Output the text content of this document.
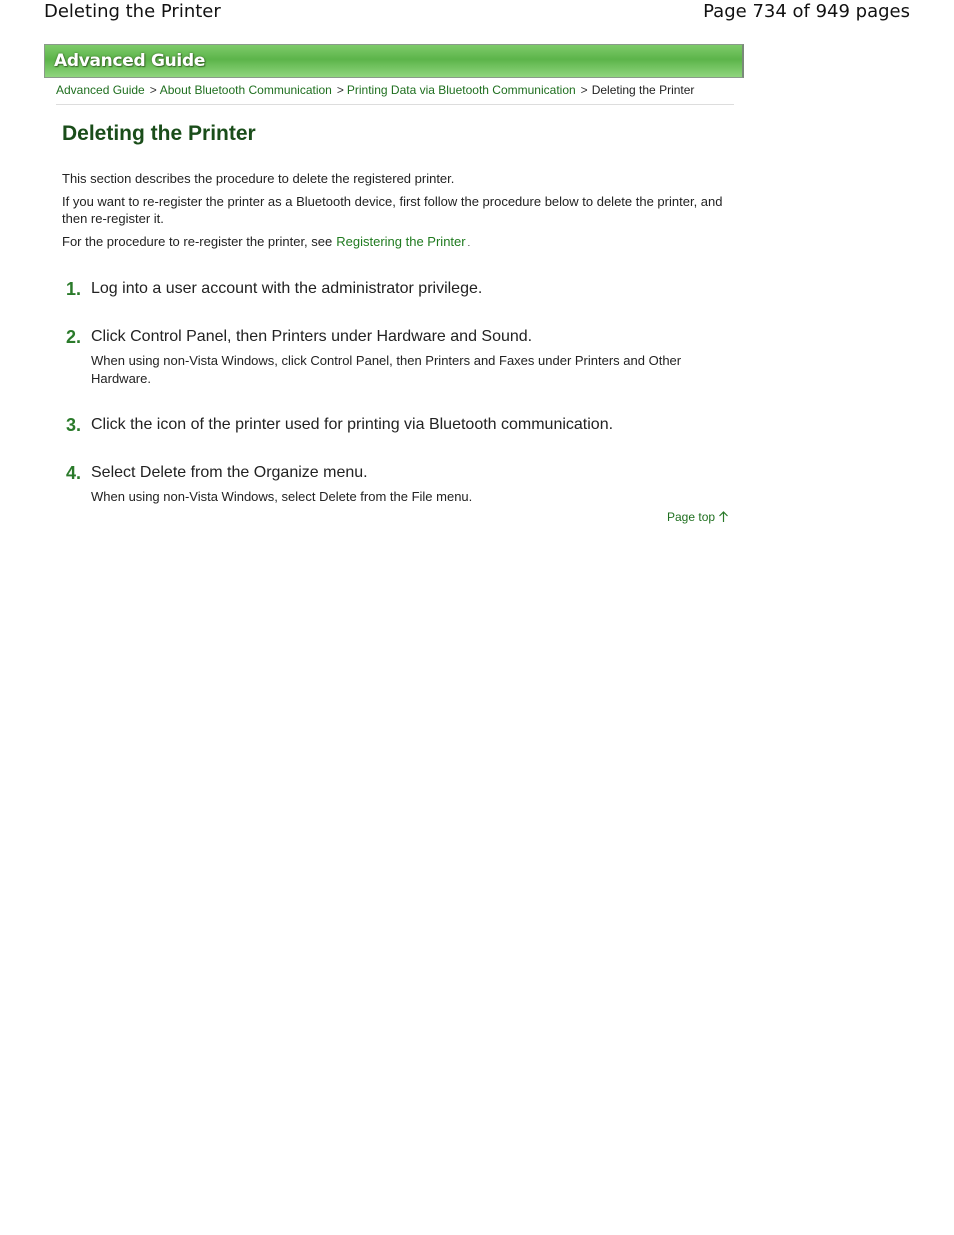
Deleting the Printer	Page 734 of 949 pages
Advanced Guide
Advanced Guide > About Bluetooth Communication > Printing Data via Bluetooth Communication > Deleting the Printer
Deleting the Printer

This section describes the procedure to delete the registered printer.

If you want to re-register the printer as a Bluetooth device, first follow the procedure below to delete the printer, and then re-register it.

For the procedure to re-register the printer, see Registering the Printer .

1. Log into a user account with the administrator privilege.
2. Click Control Panel, then Printers under Hardware and Sound.
When using non-Vista Windows, click Control Panel, then Printers and Faxes under Printers and Other Hardware.
3. Click the icon of the printer used for printing via Bluetooth communication.
4. Select Delete from the Organize menu.
When using non-Vista Windows, select Delete from the File menu.
Page top
